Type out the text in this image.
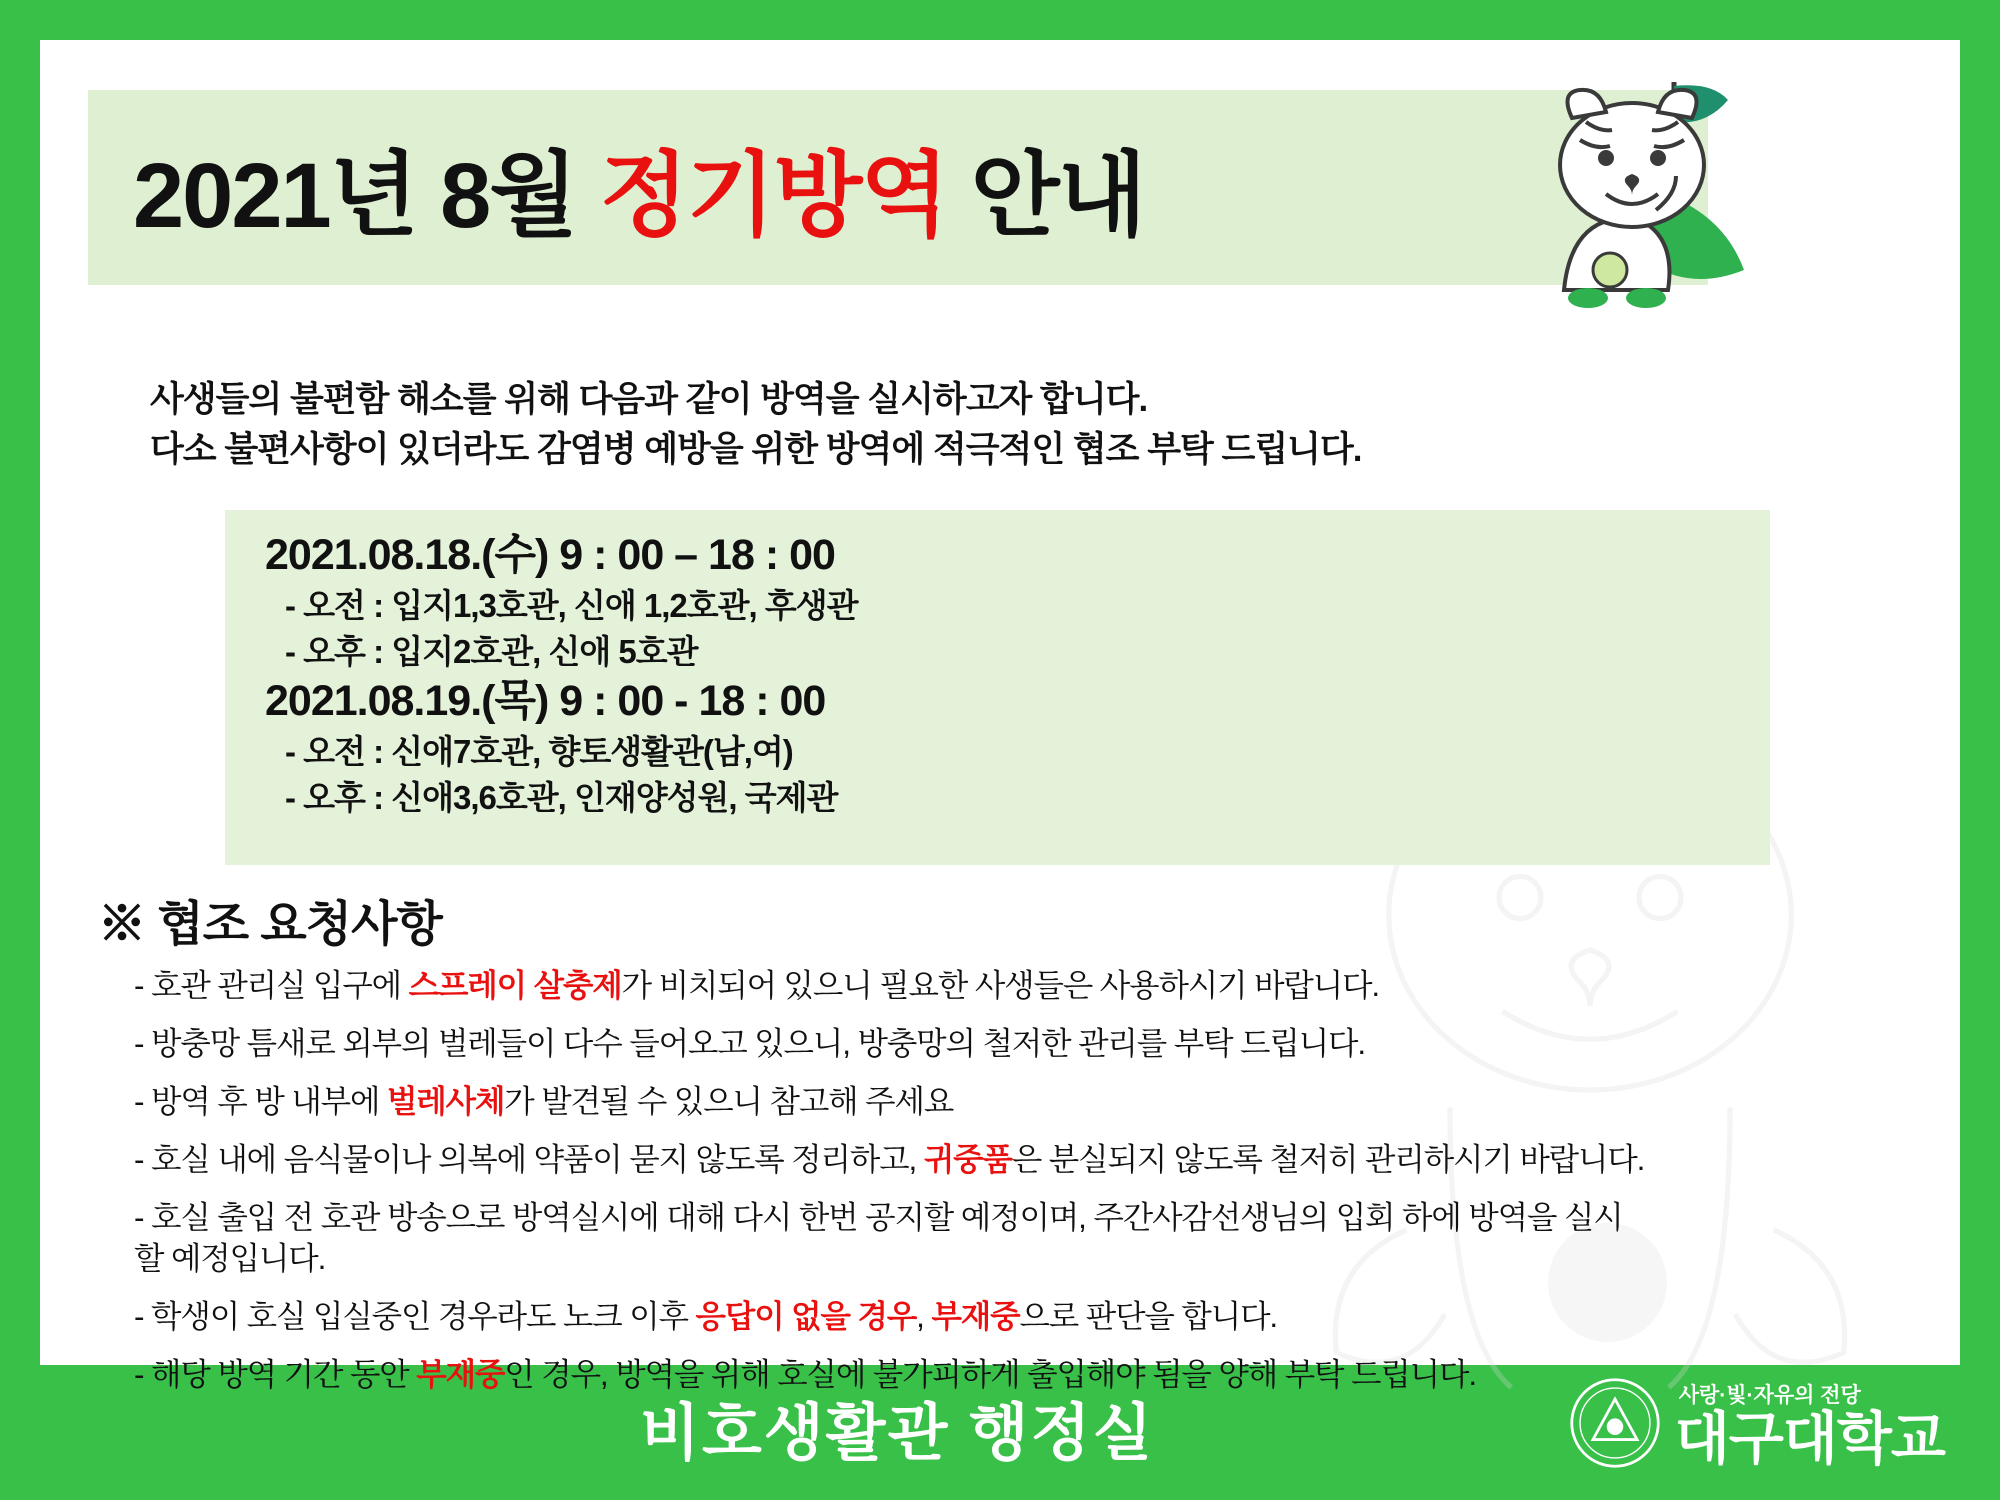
2021년 8월 정기방역 안내

사생들의 불편함 해소를 위해 다음과 같이 방역을 실시하고자 합니다.

다소 불편사항이 있더라도 감염병 예방을 위한 방역에 적극적인 협조 부탁 드립니다.

2021.08.18.(수) 9 : 00 – 18 : 00
- 오전 : 입지1,3호관, 신애 1,2호관, 후생관
- 오후 : 입지2호관, 신애 5호관
2021.08.19.(목) 9 : 00 - 18 : 00
- 오전 : 신애7호관, 향토생활관(남,여)
- 오후 : 신애3,6호관, 인재양성원, 국제관
※ 협조 요청사항
- 호관 관리실 입구에 스프레이 살충제가 비치되어 있으니 필요한 사생들은 사용하시기 바랍니다.
- 방충망 틈새로 외부의 벌레들이 다수 들어오고 있으니, 방충망의 철저한 관리를 부탁 드립니다.
- 방역 후 방 내부에 벌레사체가 발견될 수 있으니 참고해 주세요
- 호실 내에 음식물이나 의복에 약품이 묻지 않도록 정리하고, 귀중품은 분실되지 않도록 철저히 관리하시기 바랍니다.
- 호실 출입 전 호관 방송으로 방역실시에 대해 다시 한번 공지할 예정이며, 주간사감선생님의 입회 하에 방역을 실시
할 예정입니다.
- 학생이 호실 입실중인 경우라도 노크 이후 응답이 없을 경우, 부재중으로 판단을 합니다.
- 해당 방역 기간 동안 부재중인 경우, 방역을 위해 호실에 불가피하게 출입해야 됨을 양해 부탁 드립니다.
비호생활관 행정실
사랑·빛·자유의 전당
대구대학교
